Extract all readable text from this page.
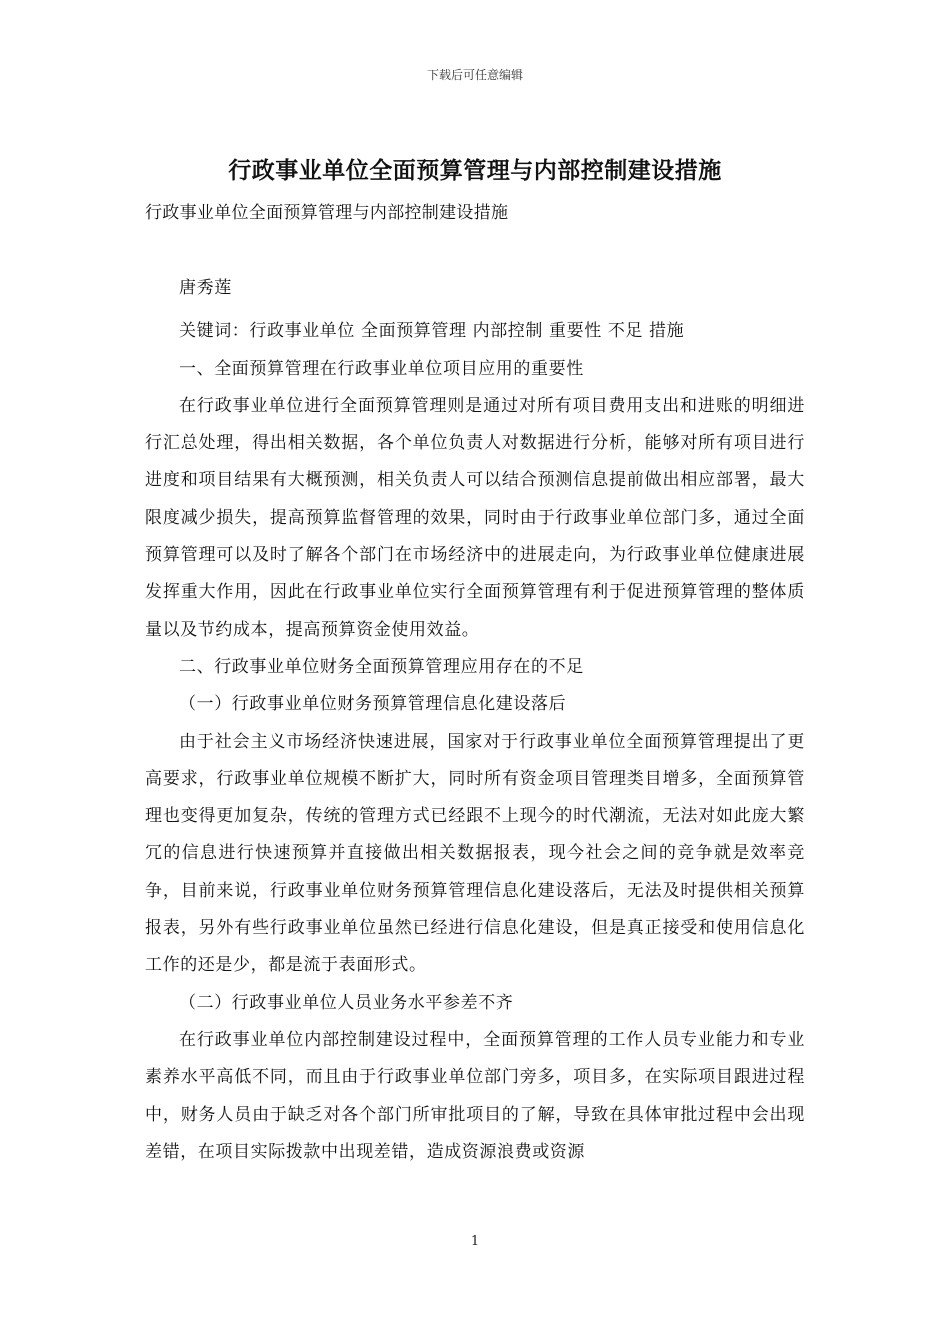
下载后可任意编辑
行政事业单位全面预算管理与内部控制建设措施
行政事业单位全面预算管理与内部控制建设措施

唐秀莲

关键词：行政事业单位 全面预算管理 内部控制 重要性 不足 措施

一、全面预算管理在行政事业单位项目应用的重要性

在行政事业单位进行全面预算管理则是通过对所有项目费用支出和进账的明细进行汇总处理，得出相关数据，各个单位负责人对数据进行分析，能够对所有项目进行进度和项目结果有大概预测，相关负责人可以结合预测信息提前做出相应部署，最大限度减少损失，提高预算监督管理的效果，同时由于行政事业单位部门多，通过全面预算管理可以及时了解各个部门在市场经济中的进展走向，为行政事业单位健康进展发挥重大作用，因此在行政事业单位实行全面预算管理有利于促进预算管理的整体质量以及节约成本，提高预算资金使用效益。

二、行政事业单位财务全面预算管理应用存在的不足

（一）行政事业单位财务预算管理信息化建设落后

由于社会主义市场经济快速进展，国家对于行政事业单位全面预算管理提出了更高要求，行政事业单位规模不断扩大，同时所有资金项目管理类目增多，全面预算管理也变得更加复杂，传统的管理方式已经跟不上现今的时代潮流，无法对如此庞大繁冗的信息进行快速预算并直接做出相关数据报表，现今社会之间的竞争就是效率竞争，目前来说，行政事业单位财务预算管理信息化建设落后，无法及时提供相关预算报表，另外有些行政事业单位虽然已经进行信息化建设，但是真正接受和使用信息化工作的还是少，都是流于表面形式。

（二）行政事业单位人员业务水平参差不齐

在行政事业单位内部控制建设过程中，全面预算管理的工作人员专业能力和专业素养水平高低不同，而且由于行政事业单位部门旁多，项目多，在实际项目跟进过程中，财务人员由于缺乏对各个部门所审批项目的了解，导致在具体审批过程中会出现差错，在项目实际拨款中出现差错，造成资源浪费或资源

1
